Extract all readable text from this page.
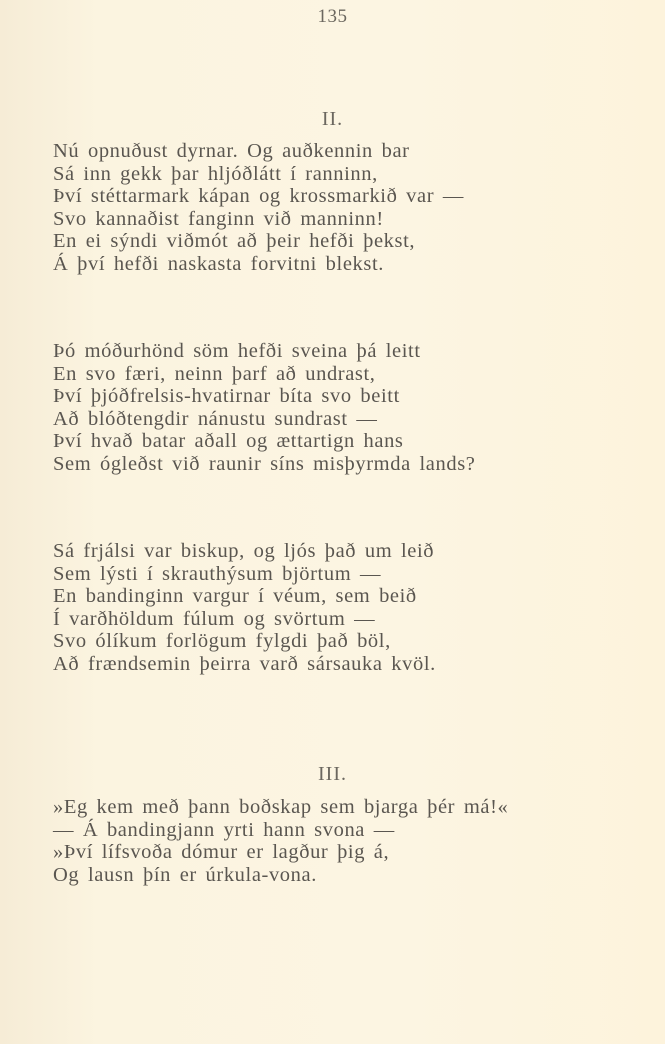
135
II.
Nú opnuðust dyrnar. Og auðkennin bar
Sá inn gekk þar hljóðlátt í ranninn,
Því stéttarmark kápan og krossmarkið var —
Svo kannaðist fanginn við manninn!
En ei sýndi viðmót að þeir hefði þekst,
Á því hefði naskasta forvitni blekst.
Þó móðurhönd söm hefði sveina þá leitt
En svo færi, neinn þarf að undrast,
Því þjóðfrelsis-hvatirnar bíta svo beitt
Að blóðtengdir nánustu sundrast —
Því hvað batar aðall og ættartign hans
Sem ógleðst við raunir síns misþyrmda lands?
Sá frjálsi var biskup, og ljós það um leið
Sem lýsti í skrauthýsum björtum —
En bandinginn vargur í véum, sem beið
Í varðhöldum fúlum og svörtum —
Svo ólíkum forlögum fylgdi það böl,
Að frændsemin þeirra varð sársauka kvöl.
III.
»Eg kem með þann boðskap sem bjarga þér má!«
— Á bandingjann yrti hann svona —
»Því lífsvoða dómur er lagður þig á,
Og lausn þín er úrkula-vona.
